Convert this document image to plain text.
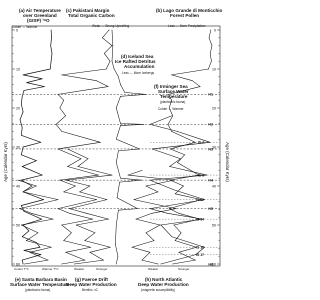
(a) Air Temperature
over Greenland
(GISP) ¹⁸O
Colder ↔ Warmer
(c) Pakistani Margin
Total Organic Carbon
Weak ↔ Strong Upwelling
(b) Lago Grande di Monticchio
Forest Pollen
Less ↔ More Precipitation
(d) Iceland Sea
Ice Rafted Detritus
Accumulation
Less ↔ More Icebergs
(f) Irminger Sea
Surface Water
Temperature
(planktonic fauna)
Colder ↔ Warmer
Cooler T°C	Warmer T°C
(e) Santa Barbara Basin
Surface Water Temperature
(planktonic fauna)
Weaker	Stronger
(g) Faeroe Drift
Deep Water Production
Benthic ¹³C
Weaker	Stronger
(h) North Atlantic
Deep Water Production
(magnetic susceptibility)
Age (Calendar Kyrs)	Age (Calendar Kyrs)
0	0
10	10
20	20
30	30
40	40
50	50
60	60
H1
H2
H3
H4
H5
H6
IS 4
IS 8
IS 12
IS 14
IS 16
IS 17
